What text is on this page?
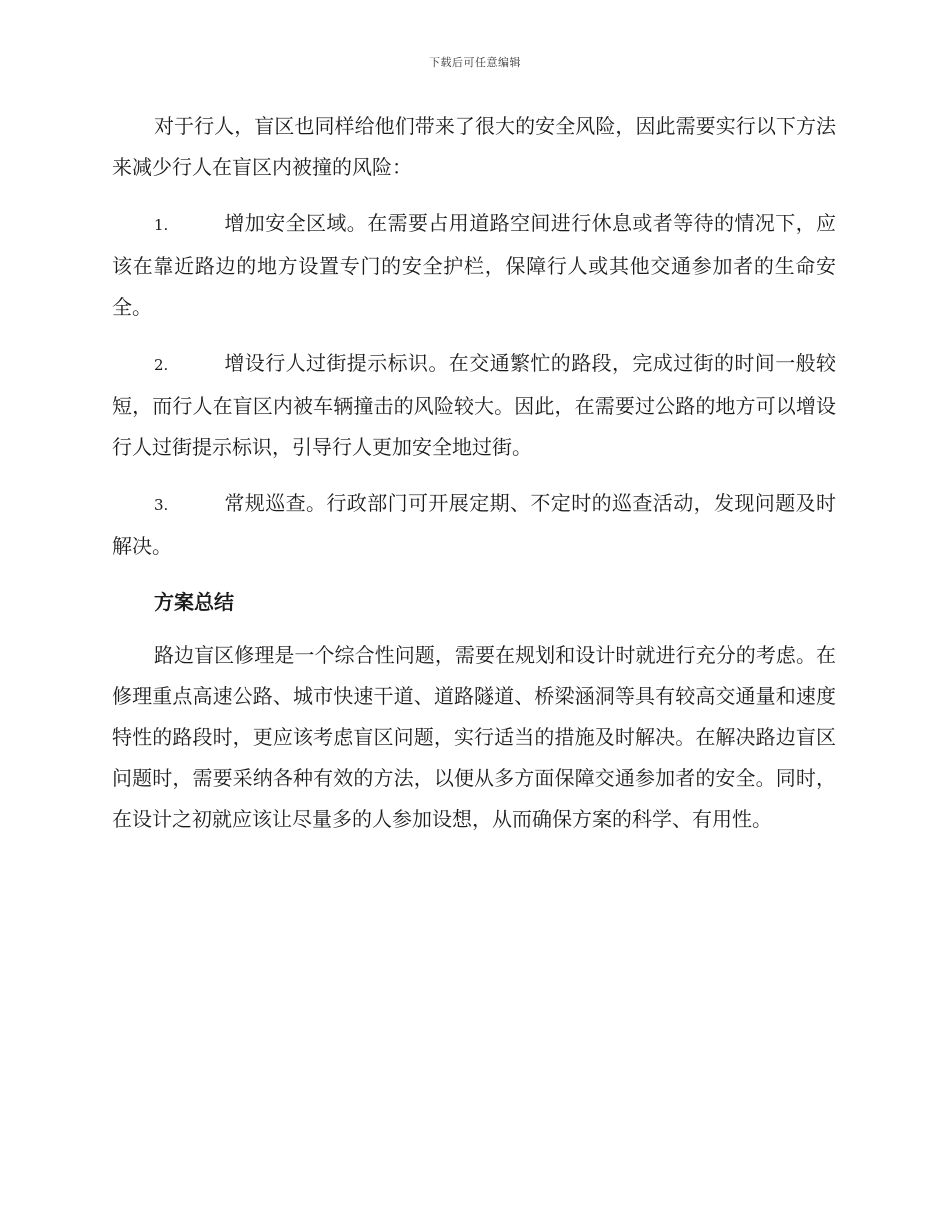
下载后可任意编辑

对于行人，盲区也同样给他们带来了很大的安全风险，因此需要实行以下方法来减少行人在盲区内被撞的风险：

1.	增加安全区域。在需要占用道路空间进行休息或者等待的情况下，应该在靠近路边的地方设置专门的安全护栏，保障行人或其他交通参加者的生命安全。

2.	增设行人过街提示标识。在交通繁忙的路段，完成过街的时间一般较短，而行人在盲区内被车辆撞击的风险较大。因此，在需要过公路的地方可以增设行人过街提示标识，引导行人更加安全地过街。

3.	常规巡查。行政部门可开展定期、不定时的巡查活动，发现问题及时解决。

方案总结

路边盲区修理是一个综合性问题，需要在规划和设计时就进行充分的考虑。在修理重点高速公路、城市快速干道、道路隧道、桥梁涵洞等具有较高交通量和速度特性的路段时，更应该考虑盲区问题，实行适当的措施及时解决。在解决路边盲区问题时，需要采纳各种有效的方法，以便从多方面保障交通参加者的安全。同时，在设计之初就应该让尽量多的人参加设想，从而确保方案的科学、有用性。
